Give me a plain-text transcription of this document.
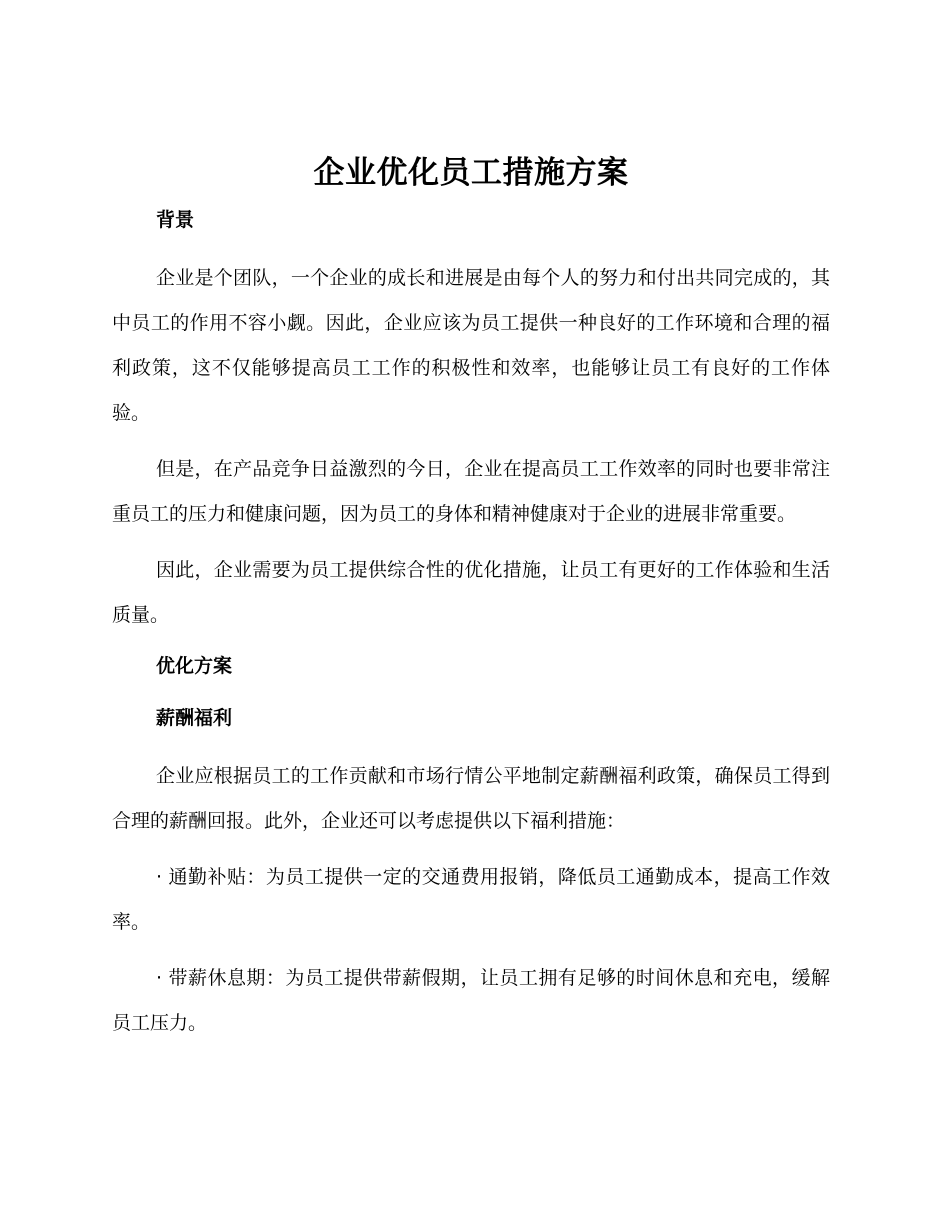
企业优化员工措施方案
背景

企业是个团队，一个企业的成长和进展是由每个人的努力和付出共同完成的，其中员工的作用不容小觑。因此，企业应该为员工提供一种良好的工作环境和合理的福利政策，这不仅能够提高员工工作的积极性和效率，也能够让员工有良好的工作体验。

但是，在产品竞争日益激烈的今日，企业在提高员工工作效率的同时也要非常注重员工的压力和健康问题，因为员工的身体和精神健康对于企业的进展非常重要。

因此，企业需要为员工提供综合性的优化措施，让员工有更好的工作体验和生活质量。

优化方案
薪酬福利

企业应根据员工的工作贡献和市场行情公平地制定薪酬福利政策，确保员工得到合理的薪酬回报。此外，企业还可以考虑提供以下福利措施：

· 通勤补贴：为员工提供一定的交通费用报销，降低员工通勤成本，提高工作效率。

· 带薪休息期：为员工提供带薪假期，让员工拥有足够的时间休息和充电，缓解员工压力。
